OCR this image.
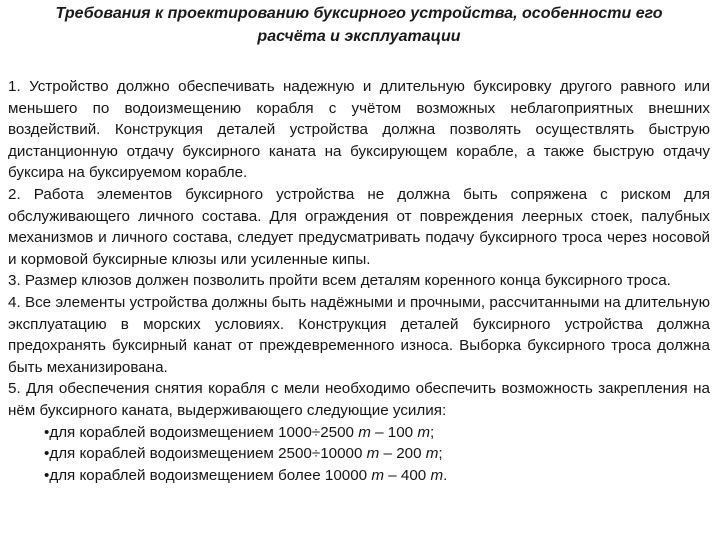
Требования к проектированию буксирного устройства, особенности его расчёта и эксплуатации

1. Устройство должно обеспечивать надежную и длительную буксировку другого равного или меньшего по водоизмещению корабля с учётом возможных неблагоприятных внешних воздействий. Конструкция деталей устройства должна позволять осуществлять быструю дистанционную отдачу буксирного каната на буксирующем корабле, а также быструю отдачу буксира на буксируемом корабле.

2. Работа элементов буксирного устройства не должна быть сопряжена с риском для обслуживающего личного состава. Для ограждения от повреждения леерных стоек, палубных механизмов и личного состава, следует предусматривать подачу буксирного троса через носовой и кормовой буксирные клюзы или усиленные кипы.

3. Размер клюзов должен позволить пройти всем деталям коренного конца буксирного троса.

4. Все элементы устройства должны быть надёжными и прочными, рассчитанными на длительную эксплуатацию в морских условиях. Конструкция деталей буксирного устройства должна предохранять буксирный канат от преждевременного износа. Выборка буксирного троса должна быть механизирована.

5. Для обеспечения снятия корабля с мели необходимо обеспечить возможность закрепления на нём буксирного каната, выдерживающего следующие усилия:

•для кораблей водоизмещением 1000÷2500 т – 100 т;
•для кораблей водоизмещением 2500÷10000 т – 200 т;
•для кораблей водоизмещением более 10000 т – 400 т.
